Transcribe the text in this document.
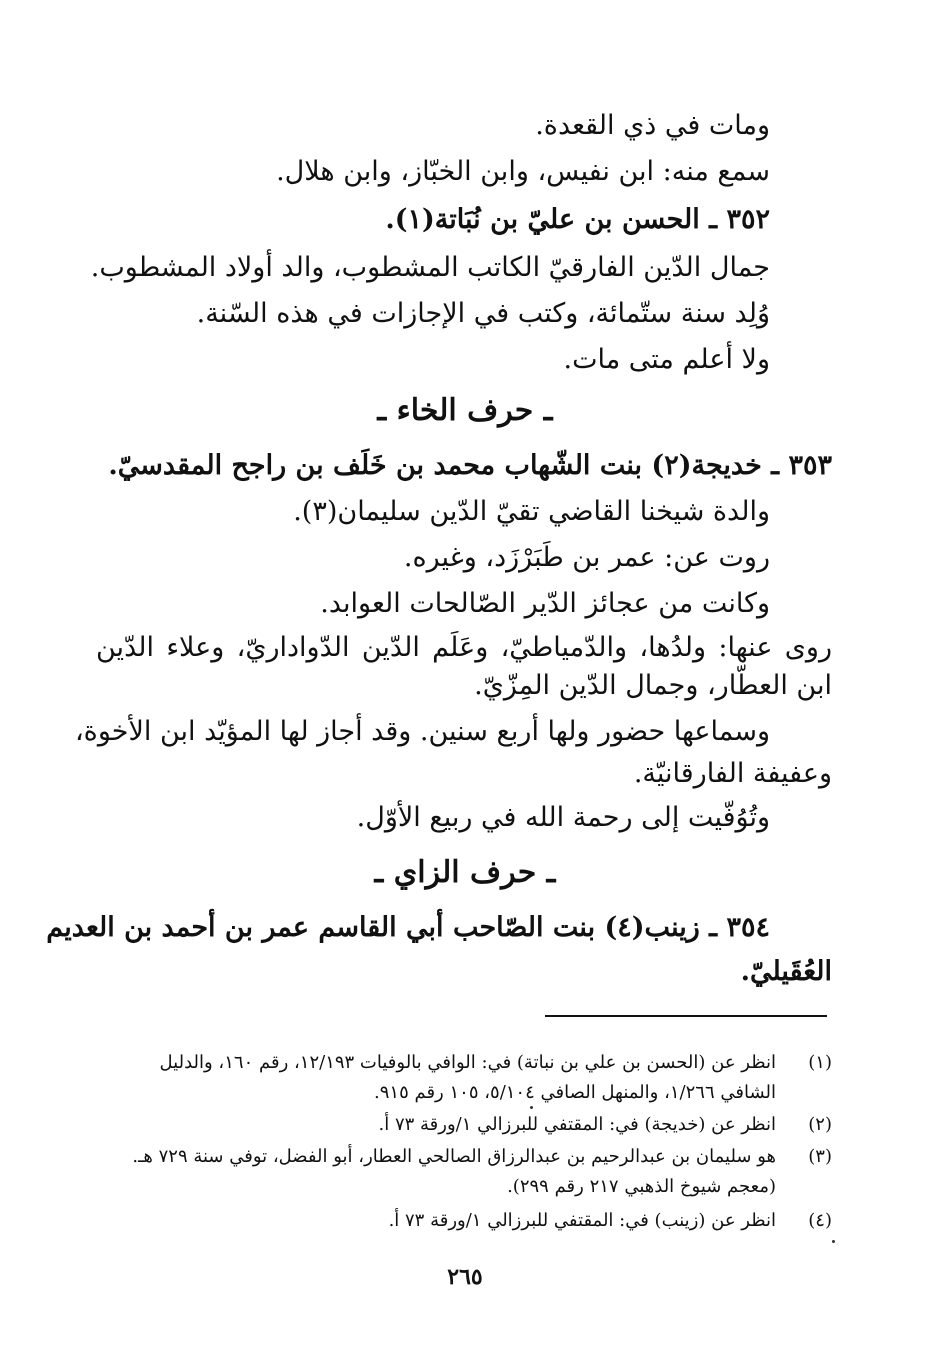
ومات في ذي القعدة.
سمع منه: ابن نفيس، وابن الخبّاز، وابن هلال.
٣٥٢ ـ الحسن بن عليّ بن نُبَاتة(١).
جمال الدّين الفارقيّ الكاتب المشطوب، والد أولاد المشطوب.
وُلِد سنة ستّمائة، وكتب في الإجازات في هذه السّنة.
ولا أعلم متى مات.
ـ حرف الخاء ـ
٣٥٣ ـ خديجة(٢) بنت الشّهاب محمد بن خَلَف بن راجح المقدسيّ.
والدة شيخنا القاضي تقيّ الدّين سليمان(٣).
روت عن: عمر بن طَبَرْزَد، وغيره.
وكانت من عجائز الدّير الصّالحات العوابد.
روى عنها: ولدُها، والدّمياطيّ، وعَلَم الدّين الدّواداريّ، وعلاء الدّين
ابن العطّار، وجمال الدّين المِزّيّ.
وسماعها حضور ولها أربع سنين. وقد أجاز لها المؤيّد ابن الأخوة،
وعفيفة الفارقانيّة.
وتُوُفّيت إلى رحمة الله في ربيع الأوّل.
ـ حرف الزاي ـ
٣٥٤ ـ زينب(٤) بنت الصّاحب أبي القاسم عمر بن أحمد بن العديم
العُقَيليّ.
(١)انظر عن (الحسن بن علي بن نباتة) في: الوافي بالوفيات ١٢/١٩٣، رقم ١٦٠، والدليل
الشافي ١/٢٦٦، والمنهل الصافي ٥/١٠٤، ١٠٥ رقم ٩١٥.
(٢)انظر عن (خديجة) في: المقتفي للبرزالي ١/ورقة ٧٣ أ.
(٣)هو سليمان بن عبدالرحيم بن عبدالرزاق الصالحي العطار، أبو الفضل، توفي سنة ٧٢٩ هـ.
(معجم شيوخ الذهبي ٢١٧ رقم ٢٩٩).
(٤)انظر عن (زينب) في: المقتفي للبرزالي ١/ورقة ٧٣ أ.
٢٦٥
